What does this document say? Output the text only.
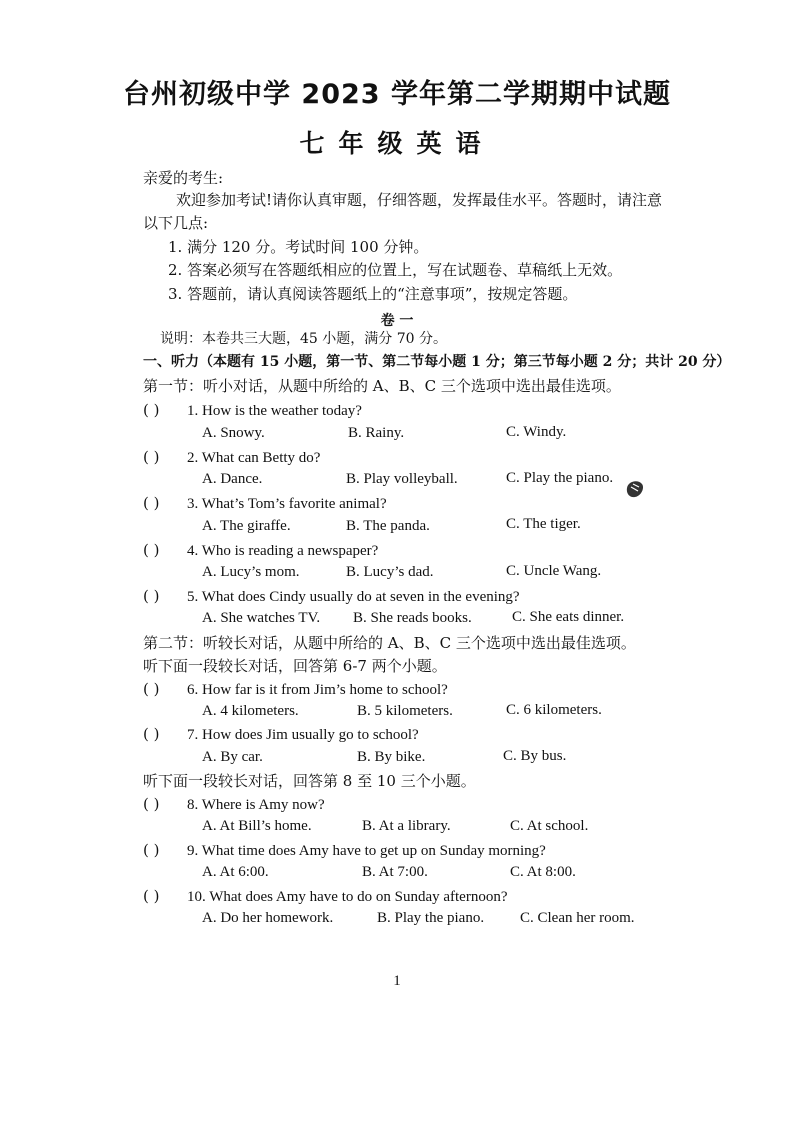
台州初级中学 2023 学年第二学期期中试题
七年级英语
亲爱的考生:
欢迎参加考试!请你认真审题，仔细答题，发挥最佳水平。答题时，请注意
以下几点:
1. 满分 120 分。考试时间 100 分钟。
2. 答案必须写在答题纸相应的位置上，写在试题卷、草稿纸上无效。
3. 答题前，请认真阅读答题纸上的“注意事项”，按规定答题。
卷 一
说明：本卷共三大题，45 小题，满分 70 分。
一、听力（本题有 15 小题，第一节、第二节每小题 1 分；第三节每小题 2 分；共计 20 分）
第一节：听小对话，从题中所给的 A、B、C 三个选项中选出最佳选项。
( ) 1. How is the weather today?
A. Snowy.	B. Rainy.	C. Windy.
( ) 2. What can Betty do?
A. Dance.	B. Play volleyball.	C. Play the piano.
( ) 3. What’s Tom’s favorite animal?
A. The giraffe.	B. The panda.	C. The tiger.
( ) 4. Who is reading a newspaper?
A. Lucy’s mom.	B. Lucy’s dad.	C. Uncle Wang.
( ) 5. What does Cindy usually do at seven in the evening?
A. She watches TV. B. She reads books.	C. She eats dinner.
第二节：听较长对话，从题中所给的 A、B、C 三个选项中选出最佳选项。
听下面一段较长对话，回答第 6-7 两个小题。
( ) 6. How far is it from Jim’s home to school?
A. 4 kilometers.	B. 5 kilometers.	C. 6 kilometers.
( ) 7. How does Jim usually go to school?
A. By car.	B. By bike.	C. By bus.
听下面一段较长对话，回答第 8 至 10 三个小题。
( ) 8. Where is Amy now?
A. At Bill’s home.	B. At a library.	C. At school.
( ) 9. What time does Amy have to get up on Sunday morning?
A. At 6:00.	B. At 7:00.	C. At 8:00.
( ) 10. What does Amy have to do on Sunday afternoon?
A. Do her homework.	B. Play the piano. C. Clean her room.
1
